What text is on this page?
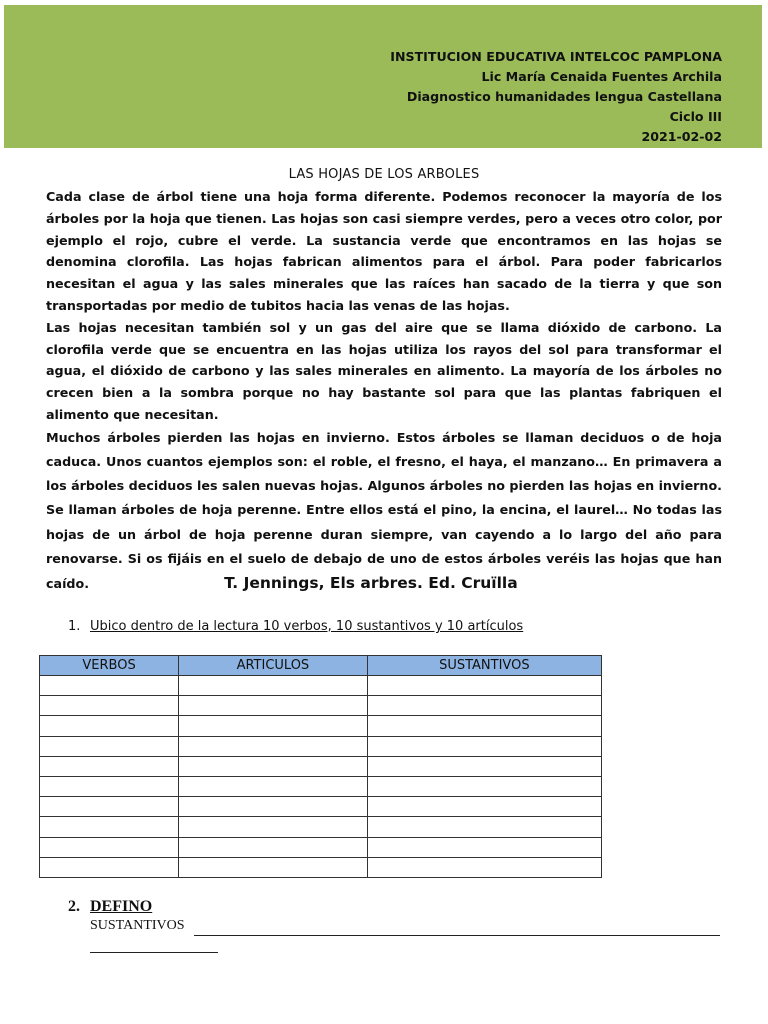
INSTITUCION EDUCATIVA INTELCOC PAMPLONA
Lic María Cenaida Fuentes Archila
Diagnostico humanidades lengua Castellana
Ciclo III
2021-02-02
LAS HOJAS DE LOS ARBOLES

Cada clase de árbol tiene una hoja forma diferente. Podemos reconocer la mayoría de los árboles por la hoja que tienen. Las hojas son casi siempre verdes, pero a veces otro color, por ejemplo el rojo, cubre el verde. La sustancia verde que encontramos en las hojas se denomina clorofila. Las hojas fabrican alimentos para el árbol. Para poder fabricarlos necesitan el agua y las sales minerales que las raíces han sacado de la tierra y que son transportadas por medio de tubitos hacia las venas de las hojas.

Las hojas necesitan también sol y un gas del aire que se llama dióxido de carbono. La clorofila verde que se encuentra en las hojas utiliza los rayos del sol para transformar el agua, el dióxido de carbono y las sales minerales en alimento. La mayoría de los árboles no crecen bien a la sombra porque no hay bastante sol para que las plantas fabriquen el alimento que necesitan.

Muchos árboles pierden las hojas en invierno. Estos árboles se llaman deciduos o de hoja caduca. Unos cuantos ejemplos son: el roble, el fresno, el haya, el manzano… En primavera a los árboles deciduos les salen nuevas hojas. Algunos árboles no pierden las hojas en invierno. Se llaman árboles de hoja perenne. Entre ellos está el pino, la encina, el laurel… No todas las hojas de un árbol de hoja perenne duran siempre, van cayendo a lo largo del año para renovarse. Si os fijáis en el suelo de debajo de uno de estos árboles veréis las hojas que han caído.	T. Jennings, Els arbres. Ed. Cruïlla

1. Ubico dentro de la lectura 10 verbos, 10 sustantivos y 10 artículos
VERBOS	ARTICULOS	SUSTANTIVOS

2. DEFINO
SUSTANTIVOS
